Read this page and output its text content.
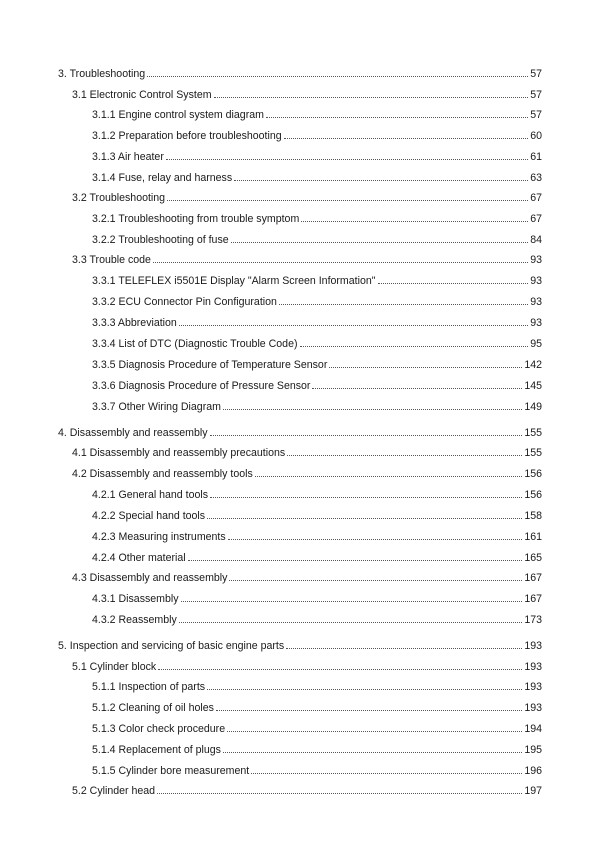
3. Troubleshooting	57
3.1 Electronic Control System	57
3.1.1 Engine control system diagram	57
3.1.2 Preparation before troubleshooting	60
3.1.3 Air heater	61
3.1.4 Fuse, relay and harness	63
3.2 Troubleshooting	67
3.2.1 Troubleshooting from trouble symptom	67
3.2.2 Troubleshooting of fuse	84
3.3 Trouble code	93
3.3.1 TELEFLEX i5501E Display "Alarm Screen Information"	93
3.3.2 ECU Connector Pin Configuration	93
3.3.3 Abbreviation	93
3.3.4 List of DTC (Diagnostic Trouble Code)	95
3.3.5 Diagnosis Procedure of Temperature Sensor	142
3.3.6 Diagnosis Procedure of Pressure Sensor	145
3.3.7 Other Wiring Diagram	149
4. Disassembly and reassembly	155
4.1 Disassembly and reassembly precautions	155
4.2 Disassembly and reassembly tools	156
4.2.1 General hand tools	156
4.2.2 Special hand tools	158
4.2.3 Measuring instruments	161
4.2.4 Other material	165
4.3 Disassembly and reassembly	167
4.3.1 Disassembly	167
4.3.2 Reassembly	173
5. Inspection and servicing of basic engine parts	193
5.1 Cylinder block	193
5.1.1 Inspection of parts	193
5.1.2 Cleaning of oil holes	193
5.1.3 Color check procedure	194
5.1.4 Replacement of plugs	195
5.1.5 Cylinder bore measurement	196
5.2 Cylinder head	197
